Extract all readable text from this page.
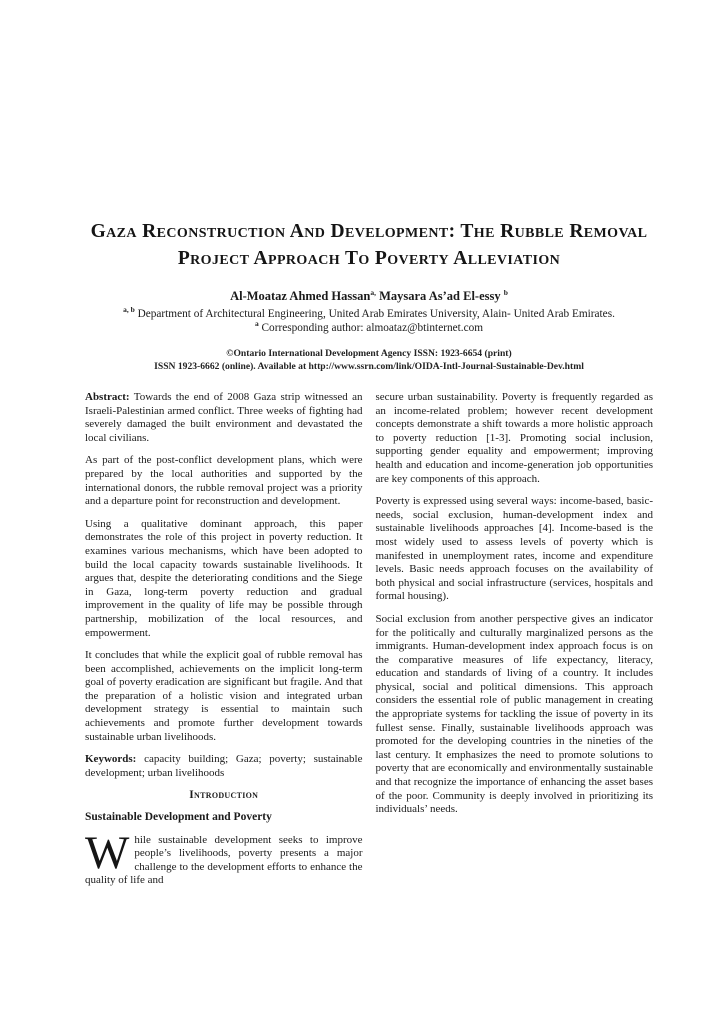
Gaza Reconstruction And Development: The Rubble Removal Project Approach To Poverty Alleviation
Al-Moataz Ahmed Hassan$^{a,}$ Maysara As’ad El-essy $^b$

$^{a, b}$ Department of Architectural Engineering, United Arab Emirates University, Alain- United Arab Emirates.

$^a$ Corresponding author: almoataz@btinternet.com

©Ontario International Development Agency ISSN: 1923-6654 (print)
ISSN 1923-6662 (online). Available at http://www.ssrn.com/link/OIDA-Intl-Journal-Sustainable-Dev.html

Abstract: Towards the end of 2008 Gaza strip witnessed an Israeli-Palestinian armed conflict. Three weeks of fighting had severely damaged the built environment and devastated the local civilians.

As part of the post-conflict development plans, which were prepared by the local authorities and supported by the international donors, the rubble removal project was a priority and a departure point for reconstruction and development.

Using a qualitative dominant approach, this paper demonstrates the role of this project in poverty reduction. It examines various mechanisms, which have been adopted to build the local capacity towards sustainable livelihoods. It argues that, despite the deteriorating conditions and the Siege in Gaza, long-term poverty reduction and gradual improvement in the quality of life may be possible through partnership, mobilization of the local resources, and empowerment.

It concludes that while the explicit goal of rubble removal has been accomplished, achievements on the implicit long-term goal of poverty eradication are significant but fragile. And that the preparation of a holistic vision and integrated urban development strategy is essential to maintain such achievements and promote further development towards sustainable urban livelihoods.

Keywords: capacity building; Gaza; poverty; sustainable development; urban livelihoods

Introduction
Sustainable Development and Poverty

While sustainable development seeks to improve people’s livelihoods, poverty presents a major challenge to the development efforts to enhance the quality of life and

secure urban sustainability. Poverty is frequently regarded as an income-related problem; however recent development concepts demonstrate a shift towards a more holistic approach to poverty reduction [1-3]. Promoting social inclusion, supporting gender equality and empowerment; improving health and education and income-generation job opportunities are key components of this approach.

Poverty is expressed using several ways: income-based, basic-needs, social exclusion, human-development index and sustainable livelihoods approaches [4]. Income-based is the most widely used to assess levels of poverty which is manifested in unemployment rates, income and expenditure levels. Basic needs approach focuses on the availability of both physical and social infrastructure (services, hospitals and formal housing).

Social exclusion from another perspective gives an indicator for the politically and culturally marginalized persons as the immigrants. Human-development index approach focus is on the comparative measures of life expectancy, literacy, education and standards of living of a country. It includes physical, social and political dimensions. This approach considers the essential role of public management in creating the appropriate systems for tackling the issue of poverty in its fullest sense. Finally, sustainable livelihoods approach was promoted for the developing countries in the nineties of the last century. It emphasizes the need to promote solutions to poverty that are economically and environmentally sustainable and that recognize the importance of enhancing the asset bases of the poor. Community is deeply involved in prioritizing its individuals’ needs.
